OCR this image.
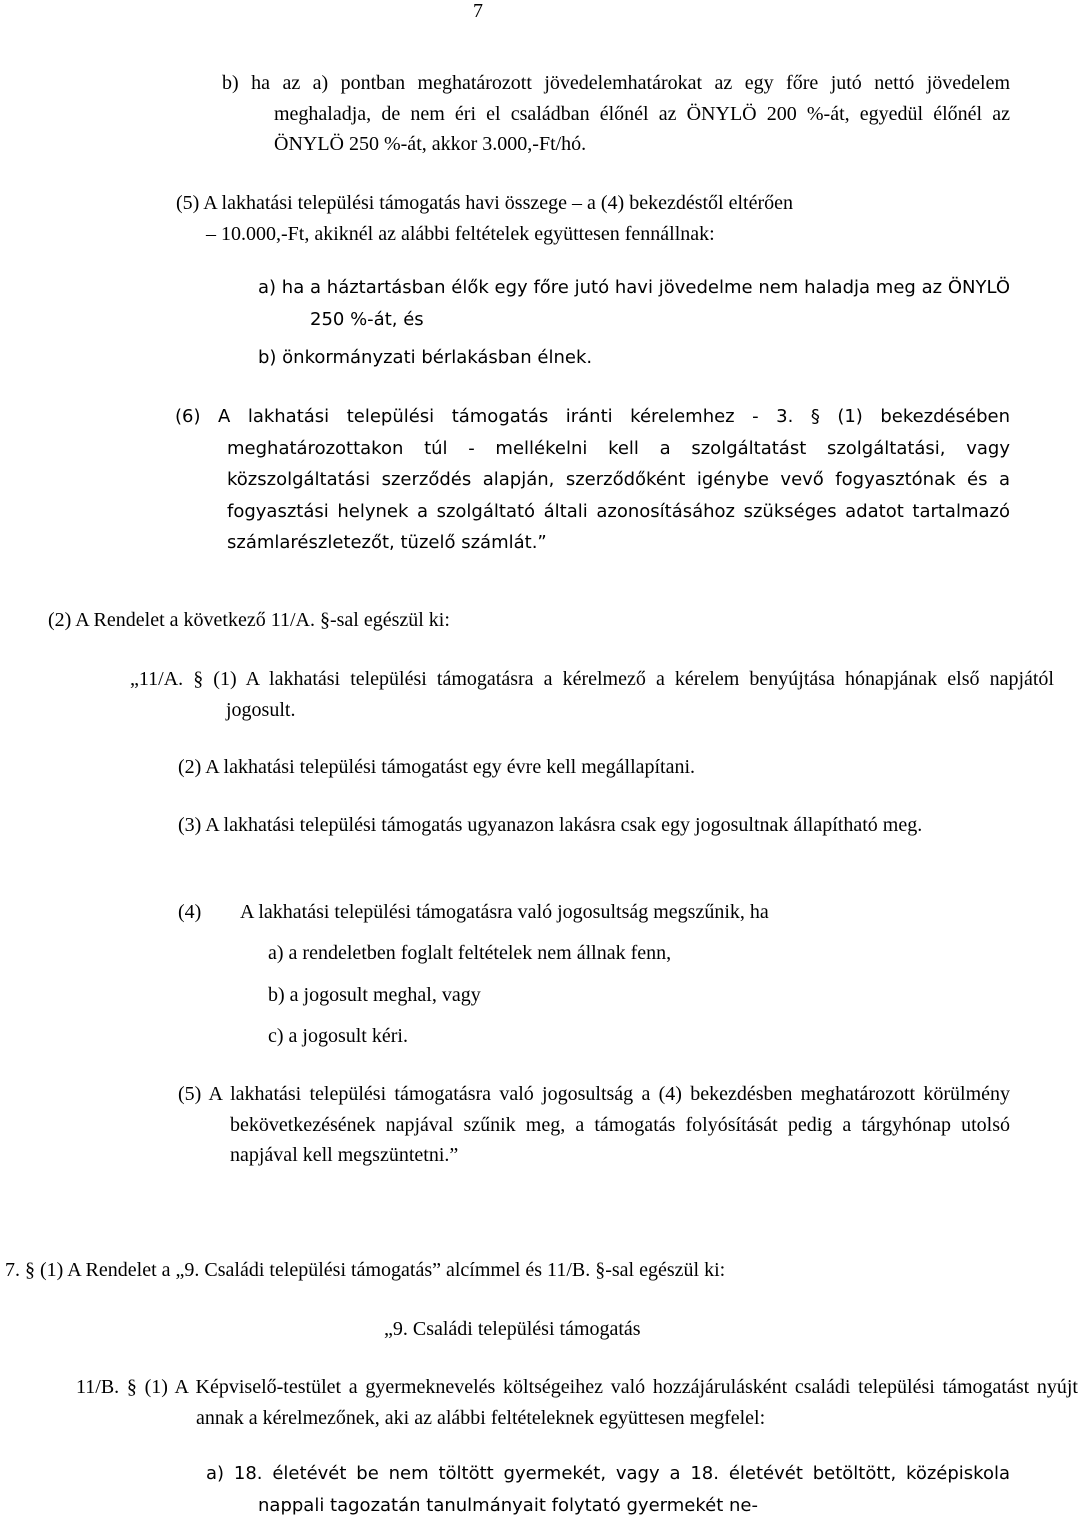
7
b) ha az a) pontban meghatározott jövedelemhatárokat az egy főre jutó nettó jövedelem meghaladja, de nem éri el családban élőnél az ÖNYLÖ 200 %-át, egyedül élőnél az ÖNYLÖ 250 %-át, akkor 3.000,-Ft/hó.
(5) A lakhatási települési támogatás havi összege – a (4) bekezdéstől eltérően
– 10.000,-Ft, akiknél az alábbi feltételek együttesen fennállnak:
a) ha a háztartásban élők egy főre jutó havi jövedelme nem haladja meg az ÖNYLÖ 250 %-át, és
b) önkormányzati bérlakásban élnek.
(6) A lakhatási települési támogatás iránti kérelemhez - 3. § (1) bekezdésében meghatározottakon túl - mellékelni kell a szolgáltatást szolgáltatási, vagy közszolgáltatási szerződés alapján, szerződőként igénybe vevő fogyasztónak és a fogyasztási helynek a szolgáltató általi azonosításához szükséges adatot tartalmazó számlarészletezőt, tüzelő számlát.”
(2) A Rendelet a következő 11/A. §-sal egészül ki:
„11/A. § (1) A lakhatási települési támogatásra a kérelmező a kérelem benyújtása hónapjának első napjától jogosult.
(2) A lakhatási települési támogatást egy évre kell megállapítani.
(3) A lakhatási települési támogatás ugyanazon lakásra csak egy jogosultnak állapítható meg.
(4) A lakhatási települési támogatásra való jogosultság megszűnik, ha
a) a rendeletben foglalt feltételek nem állnak fenn,
b) a jogosult meghal, vagy
c) a jogosult kéri.
(5) A lakhatási települési támogatásra való jogosultság a (4) bekezdésben meghatározott körülmény bekövetkezésének napjával szűnik meg, a támogatás folyósítását pedig a tárgyhónap utolsó napjával kell megszüntetni.”
7. § (1) A Rendelet a „9. Családi települési támogatás” alcímmel és 11/B. §-sal egészül ki:
„9. Családi települési támogatás
11/B. § (1) A Képviselő-testület a gyermeknevelés költségeihez való hozzájárulásként családi települési támogatást nyújt annak a kérelmezőnek, aki az alábbi feltételeknek együttesen megfelel:
a) 18. életévét be nem töltött gyermekét, vagy a 18. életévét betöltött, középiskola nappali tagozatán tanulmányait folytató gyermekét ne-
